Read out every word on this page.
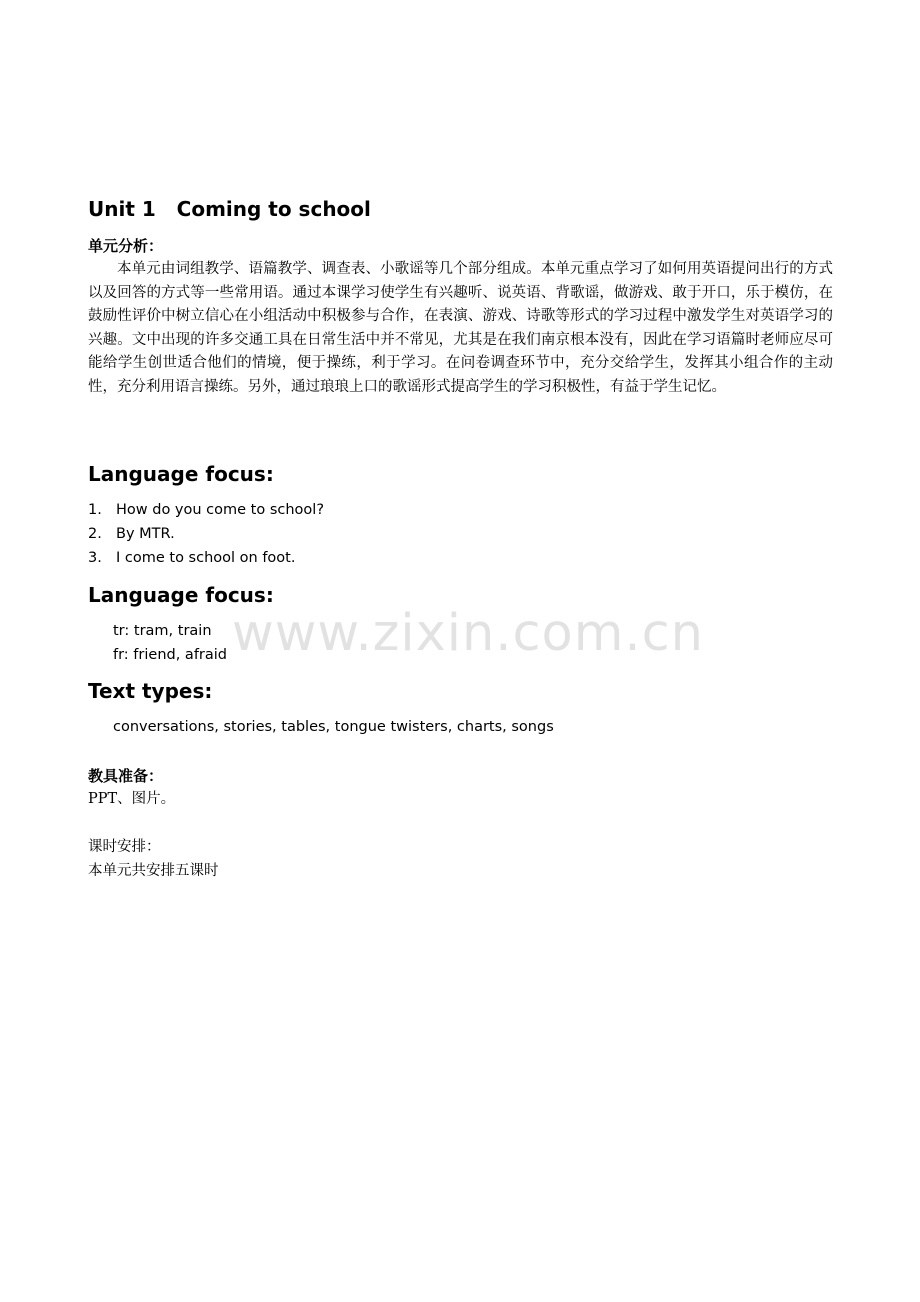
Unit 1   Coming to school
单元分析：

本单元由词组教学、语篇教学、调查表、小歌谣等几个部分组成。本单元重点学习了如何用英语提问出行的方式以及回答的方式等一些常用语。通过本课学习使学生有兴趣听、说英语、背歌谣，做游戏、敢于开口，乐于模仿，在鼓励性评价中树立信心在小组活动中积极参与合作，在表演、游戏、诗歌等形式的学习过程中激发学生对英语学习的兴趣。文中出现的许多交通工具在日常生活中并不常见，尤其是在我们南京根本没有，因此在学习语篇时老师应尽可能给学生创世适合他们的情境，便于操练，利于学习。在问卷调查环节中，充分交给学生，发挥其小组合作的主动性，充分利用语言操练。另外，通过琅琅上口的歌谣形式提高学生的学习积极性，有益于学生记忆。

Language focus:
1. How do you come to school?
2. By MTR.
3. I come to school on foot.
Language focus:

tr: tram, train

fr: friend, afraid

Text types:

conversations, stories, tables, tongue twisters, charts, songs

教具准备：

PPT、图片。

课时安排：

本单元共安排五课时

www.zixin.com.cn
